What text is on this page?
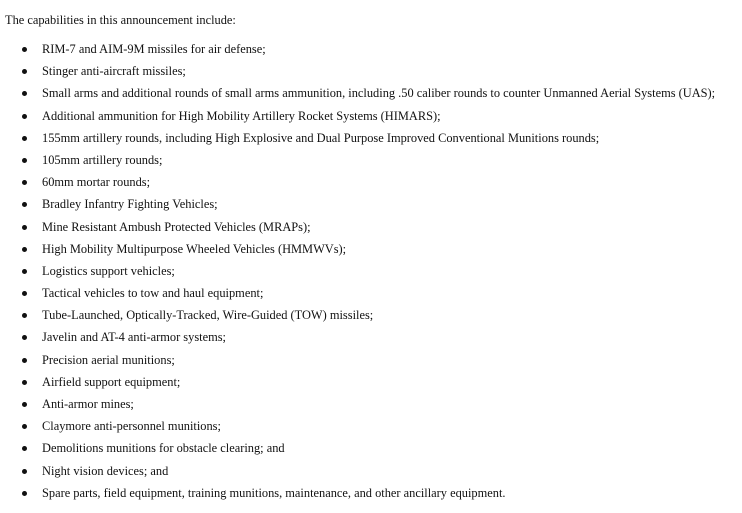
The capabilities in this announcement include:

RIM-7 and AIM-9M missiles for air defense;
Stinger anti-aircraft missiles;
Small arms and additional rounds of small arms ammunition, including .50 caliber rounds to counter Unmanned Aerial Systems (UAS);
Additional ammunition for High Mobility Artillery Rocket Systems (HIMARS);
155mm artillery rounds, including High Explosive and Dual Purpose Improved Conventional Munitions rounds;
105mm artillery rounds;
60mm mortar rounds;
Bradley Infantry Fighting Vehicles;
Mine Resistant Ambush Protected Vehicles (MRAPs);
High Mobility Multipurpose Wheeled Vehicles (HMMWVs);
Logistics support vehicles;
Tactical vehicles to tow and haul equipment;
Tube-Launched, Optically-Tracked, Wire-Guided (TOW) missiles;
Javelin and AT-4 anti-armor systems;
Precision aerial munitions;
Airfield support equipment;
Anti-armor mines;
Claymore anti-personnel munitions;
Demolitions munitions for obstacle clearing; and
Night vision devices; and
Spare parts, field equipment, training munitions, maintenance, and other ancillary equipment.
